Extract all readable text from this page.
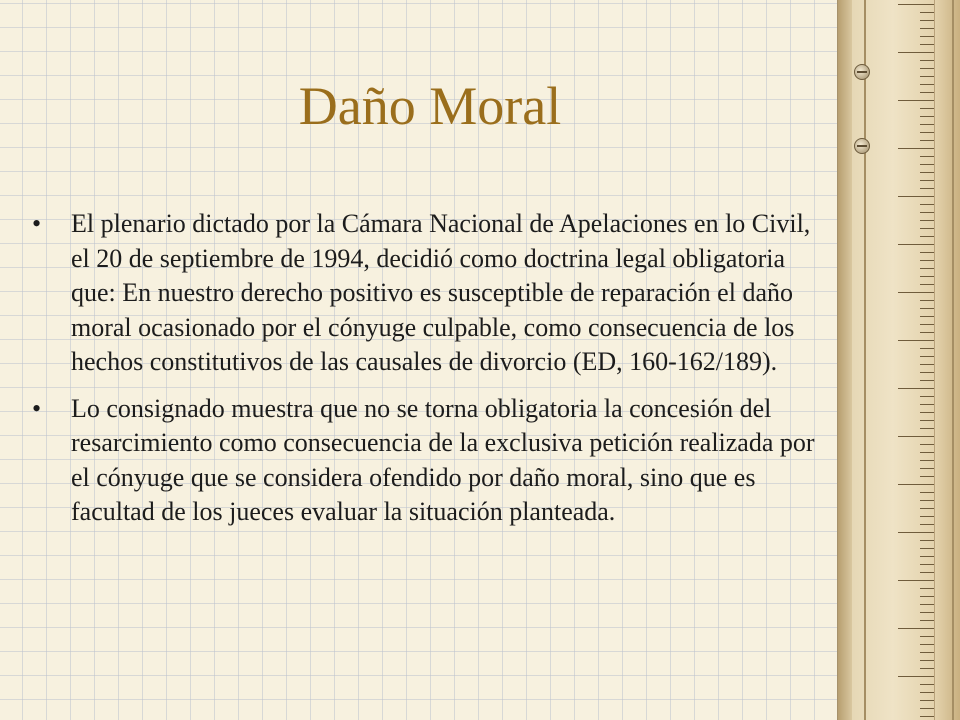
Daño Moral
• El plenario dictado por la Cámara Nacional de Apelaciones en lo Civil, el 20 de septiembre de 1994, decidió como doctrina legal obligatoria que: En nuestro derecho positivo es susceptible de reparación el daño moral ocasionado por el cónyuge culpable, como consecuencia de los hechos constitutivos de las causales de divorcio (ED, 160-162/189).
• Lo consignado muestra que no se torna obligatoria la concesión del resarcimiento como consecuencia de la exclusiva petición realizada por el cónyuge que se considera ofendido por daño moral, sino que es facultad de los jueces evaluar la situación planteada.
